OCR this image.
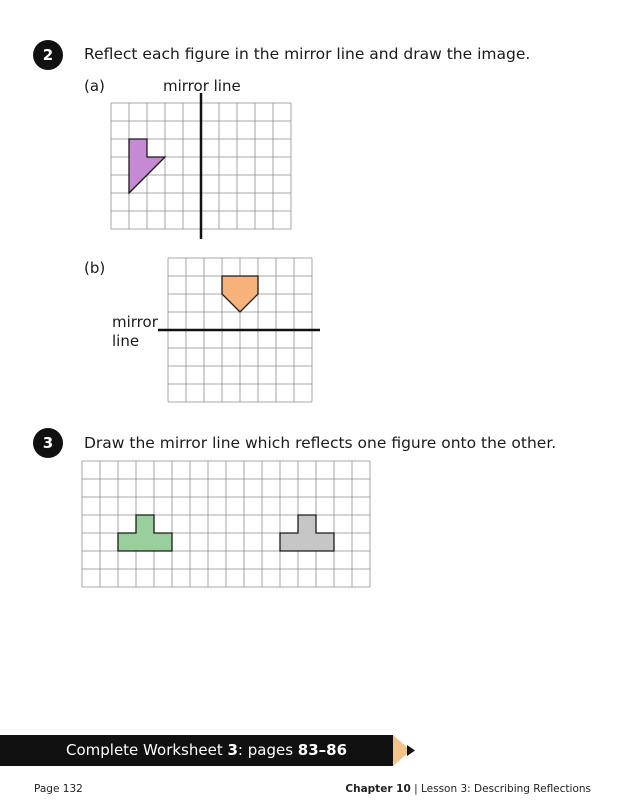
2	Reflect each figure in the mirror line and draw the image.
(a)	mirror line
(b)
mirror
line
3	Draw the mirror line which reflects one figure onto the other.
Complete Worksheet 3: pages 83–86
Page 132	Chapter 10 | Lesson 3: Describing Reflections
